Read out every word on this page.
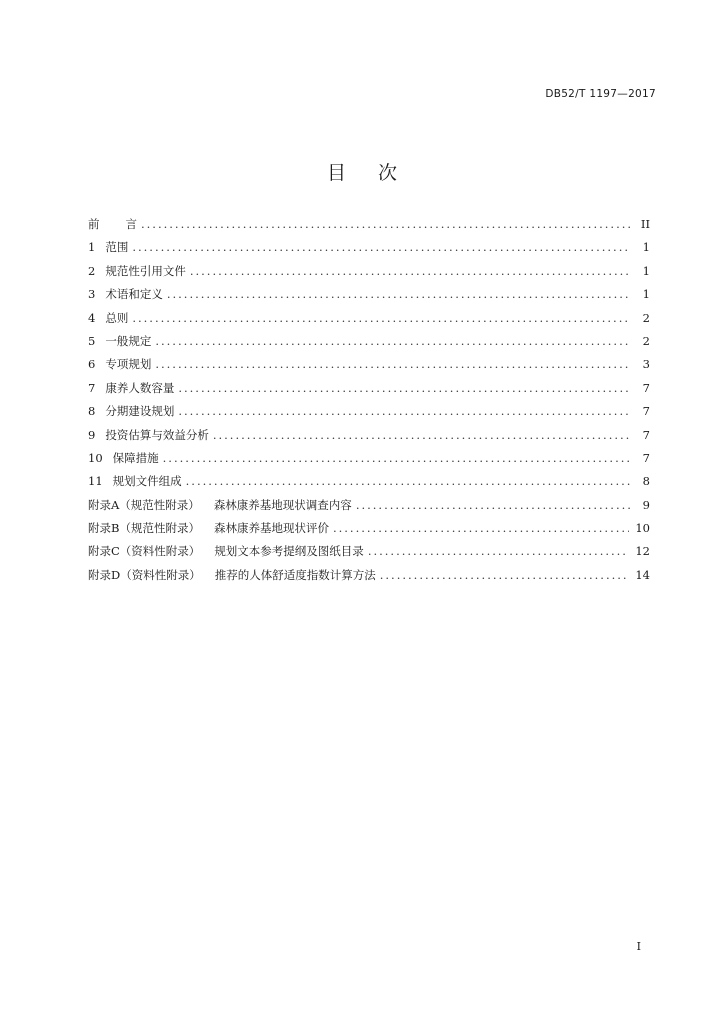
DB52/T 1197—2017
目 次
前 言 .....	II
1 范围 .....	1
2 规范性引用文件 .....	1
3 术语和定义 .....	1
4 总则 .....	2
5 一般规定 .....	2
6 专项规划 .....	3
7 康养人数容量 .....	7
8 分期建设规划 .....	7
9 投资估算与效益分析 .....	7
10 保障措施 .....	7
11 规划文件组成 .....	8
附录A（规范性附录） 森林康养基地现状调查内容 .....	9
附录B（规范性附录） 森林康养基地现状评价 .....	10
附录C（资料性附录） 规划文本参考提纲及图纸目录 .....	12
附录D（资料性附录） 推荐的人体舒适度指数计算方法 .....	14
I
